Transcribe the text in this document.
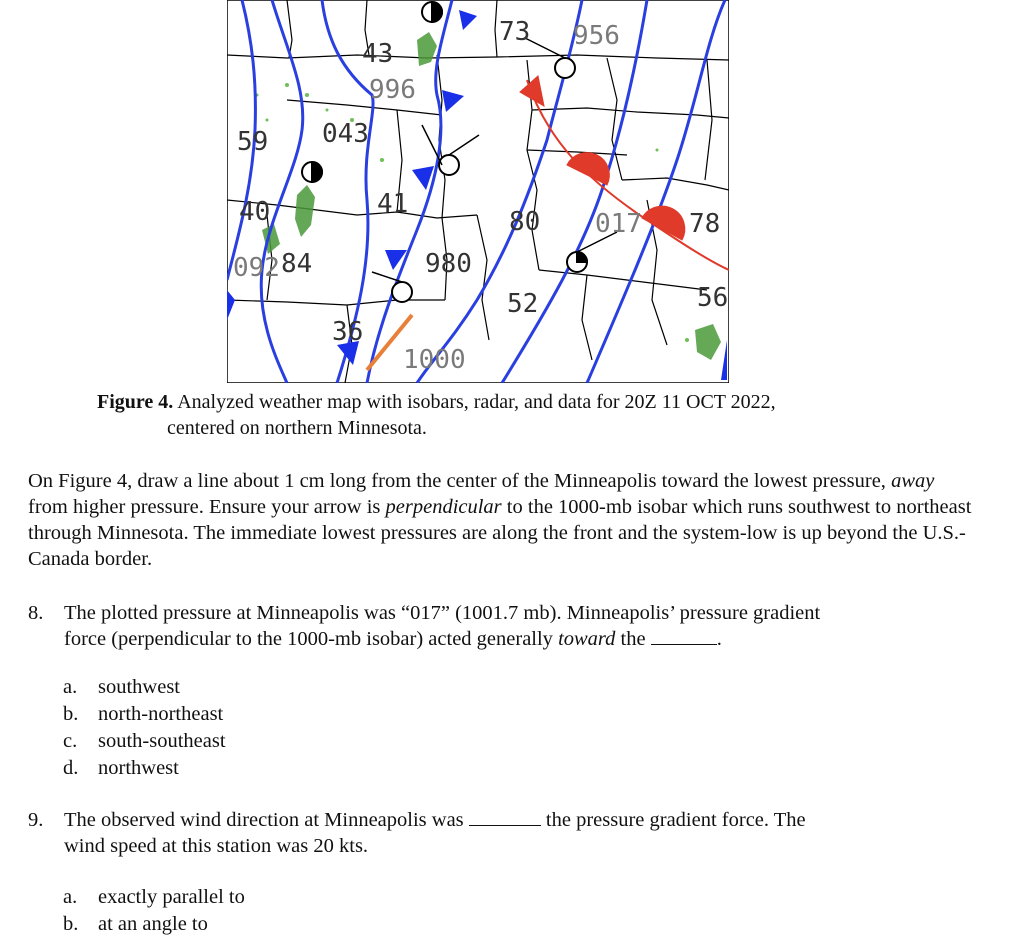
996
43
956
73
59 043
40	41
80 017 78
092 84	980
52	56
36
1000
Figure 4. Analyzed weather map with isobars, radar, and data for 20Z 11 OCT 2022,
centered on northern Minnesota.
On Figure 4, draw a line about 1 cm long from the center of the Minneapolis toward the lowest pressure, away from higher pressure. Ensure your arrow is perpendicular to the 1000-mb isobar which runs southwest to northeast through Minnesota. The immediate lowest pressures are along the front and the system-low is up beyond the U.S.-Canada border.
8. The plotted pressure at Minneapolis was “017” (1001.7 mb). Minneapolis’ pressure gradient
force (perpendicular to the 1000-mb isobar) acted generally toward the	.
a. southwest
b. north-northeast
c. south-southeast
d. northwest
9. The observed wind direction at Minneapolis was	the pressure gradient force. The
wind speed at this station was 20 kts.
a. exactly parallel to
b. at an angle to
